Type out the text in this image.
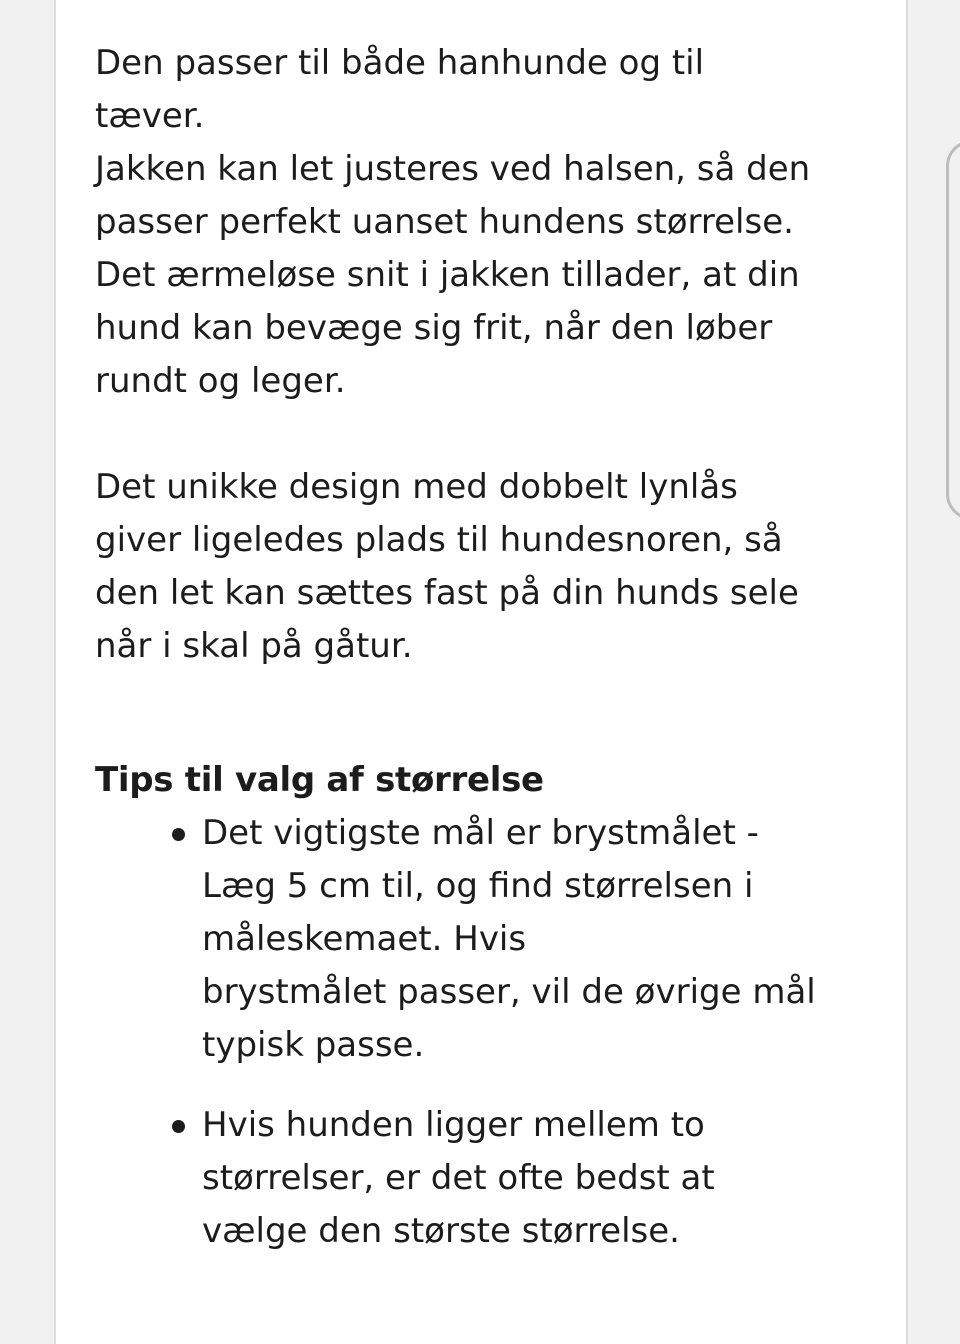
Den passer til både hanhunde og til
tæver.
Jakken kan let justeres ved halsen, så den
passer perfekt uanset hundens størrelse.
Det ærmeløse snit i jakken tillader, at din
hund kan bevæge sig frit, når den løber
rundt og leger.

Det unikke design med dobbelt lynlås
giver ligeledes plads til hundesnoren, så
den let kan sættes fast på din hunds sele
når i skal på gåtur.

Tips til valg af størrelse
Det vigtigste mål er brystmålet -
Læg 5 cm til, og find størrelsen i
måleskemaet. Hvis
brystmålet passer, vil de øvrige mål
typisk passe.
Hvis hunden ligger mellem to
størrelser, er det ofte bedst at
vælge den største størrelse.
